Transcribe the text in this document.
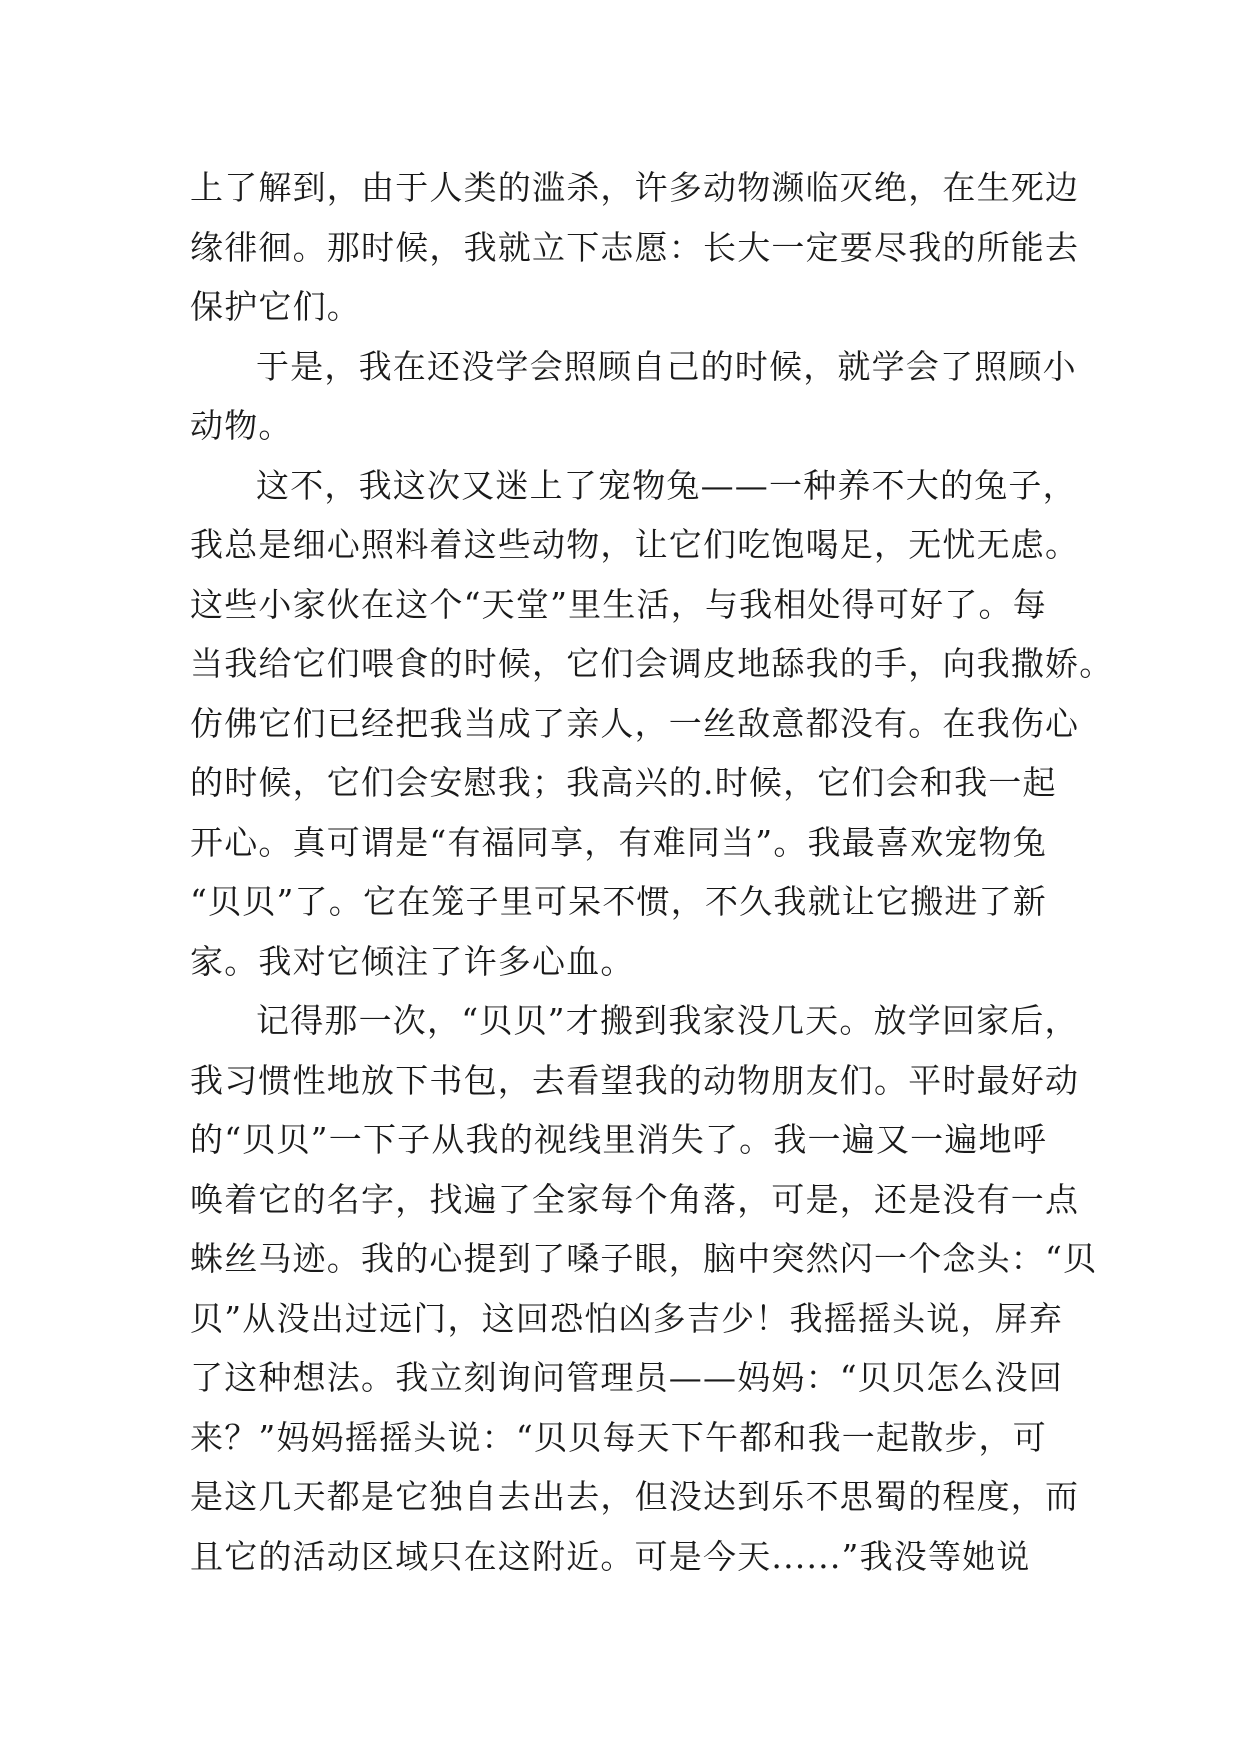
上了解到，由于人类的滥杀，许多动物濒临灭绝，在生死边
缘徘徊。那时候，我就立下志愿：长大一定要尽我的所能去
保护它们。
于是，我在还没学会照顾自己的时候，就学会了照顾小
动物。
这不，我这次又迷上了宠物兔——一种养不大的兔子，
我总是细心照料着这些动物，让它们吃饱喝足，无忧无虑。
这些小家伙在这个“天堂”里生活，与我相处得可好了。每
当我给它们喂食的时候，它们会调皮地舔我的手，向我撒娇。
仿佛它们已经把我当成了亲人，一丝敌意都没有。在我伤心
的时候，它们会安慰我；我高兴的.时候，它们会和我一起
开心。真可谓是“有福同享，有难同当”。我最喜欢宠物兔
“贝贝”了。它在笼子里可呆不惯，不久我就让它搬进了新
家。我对它倾注了许多心血。
记得那一次，“贝贝”才搬到我家没几天。放学回家后，
我习惯性地放下书包，去看望我的动物朋友们。平时最好动
的“贝贝”一下子从我的视线里消失了。我一遍又一遍地呼
唤着它的名字，找遍了全家每个角落，可是，还是没有一点
蛛丝马迹。我的心提到了嗓子眼，脑中突然闪一个念头：“贝
贝”从没出过远门，这回恐怕凶多吉少！我摇摇头说，屏弃
了这种想法。我立刻询问管理员——妈妈：“贝贝怎么没回
来？”妈妈摇摇头说：“贝贝每天下午都和我一起散步，可
是这几天都是它独自去出去，但没达到乐不思蜀的程度，而
且它的活动区域只在这附近。可是今天......”我没等她说
